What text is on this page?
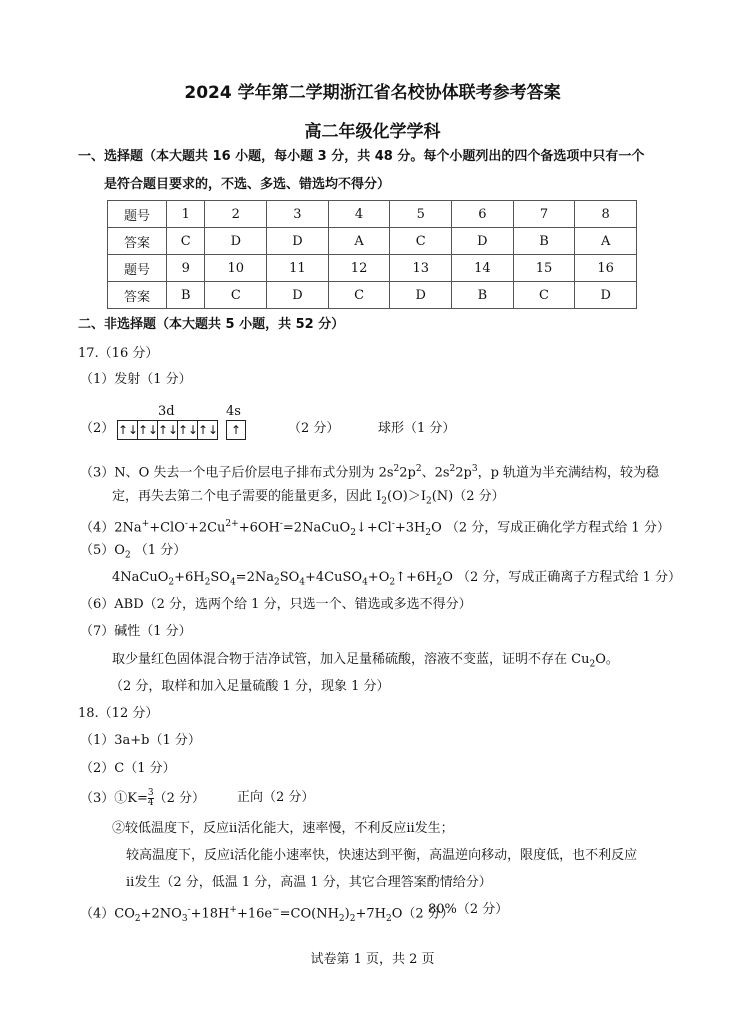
2024 学年第二学期浙江省名校协体联考参考答案
高二年级化学学科
一、选择题（本大题共 16 小题，每小题 3 分，共 48 分。每个小题列出的四个备选项中只有一个
是符合题目要求的，不选、多选、错选均不得分）
题号	1	2	3	4	5	6	7	8
答案	C	D	D	A	C	D	B	A
题号	9	10	11	12	13	14	15	16
答案	B	C	D	C	D	B	C	D
二、非选择题（本大题共 5 小题，共 52 分）
17.（16 分）
（1）发射（1 分）
（2）
3d	4s
↑↓↑↓↑↓↑↓↑↓	↑	（2 分）	球形（1 分）
（3）N、O 失去一个电子后价层电子排布式分别为 $2s^22p^2$、$2s^22p^3$，p 轨道为半充满结构，较为稳
定，再失去第二个电子需要的能量更多，因此 $I_2(O)>I_2(N)(2$ 分）
$(4)2Na^++ClO^-+2Cu^{2+}+6OH^-=2NaCuO_2↓+Cl^-+3H_2O$ （2 分，写成正确化学方程式给 1 分）
$(5)O_2$ （1 分）
$4NaCuO_2+6H_2SO_4=2Na_2SO_4+4CuSO_4+O_2↑+6H_2O$ （2 分，写成正确离子方程式给 1 分）
（6）ABD（2 分，选两个给 1 分，只选一个、错选或多选不得分）
（7）碱性（1 分）
取少量红色固体混合物于洁净试管，加入足量稀硫酸，溶液不变蓝，证明不存在 $Cu_2O$。
（2 分，取样和加入足量硫酸 1 分，现象 1 分）
18.（12 分）
（1）3a+b（1 分）
（2）C（1 分）
（3）①K= $\frac{3}{4} (2$ 分） 正向（2 分）
②较低温度下，反应ii活化能大，速率慢，不利反应ii发生；
较高温度下，反应i活化能小速率快，快速达到平衡，高温逆向移动，限度低，也不利反应
ii发生（2 分，低温 1 分，高温 1 分，其它合理答案酌情给分）
$(4)CO_2+2NO_3^-+18H^++16e^-=CO(NH_2)_2+7H_2O(2$ 分）
80%（2 分）
试卷第 1 页，共 2 页
